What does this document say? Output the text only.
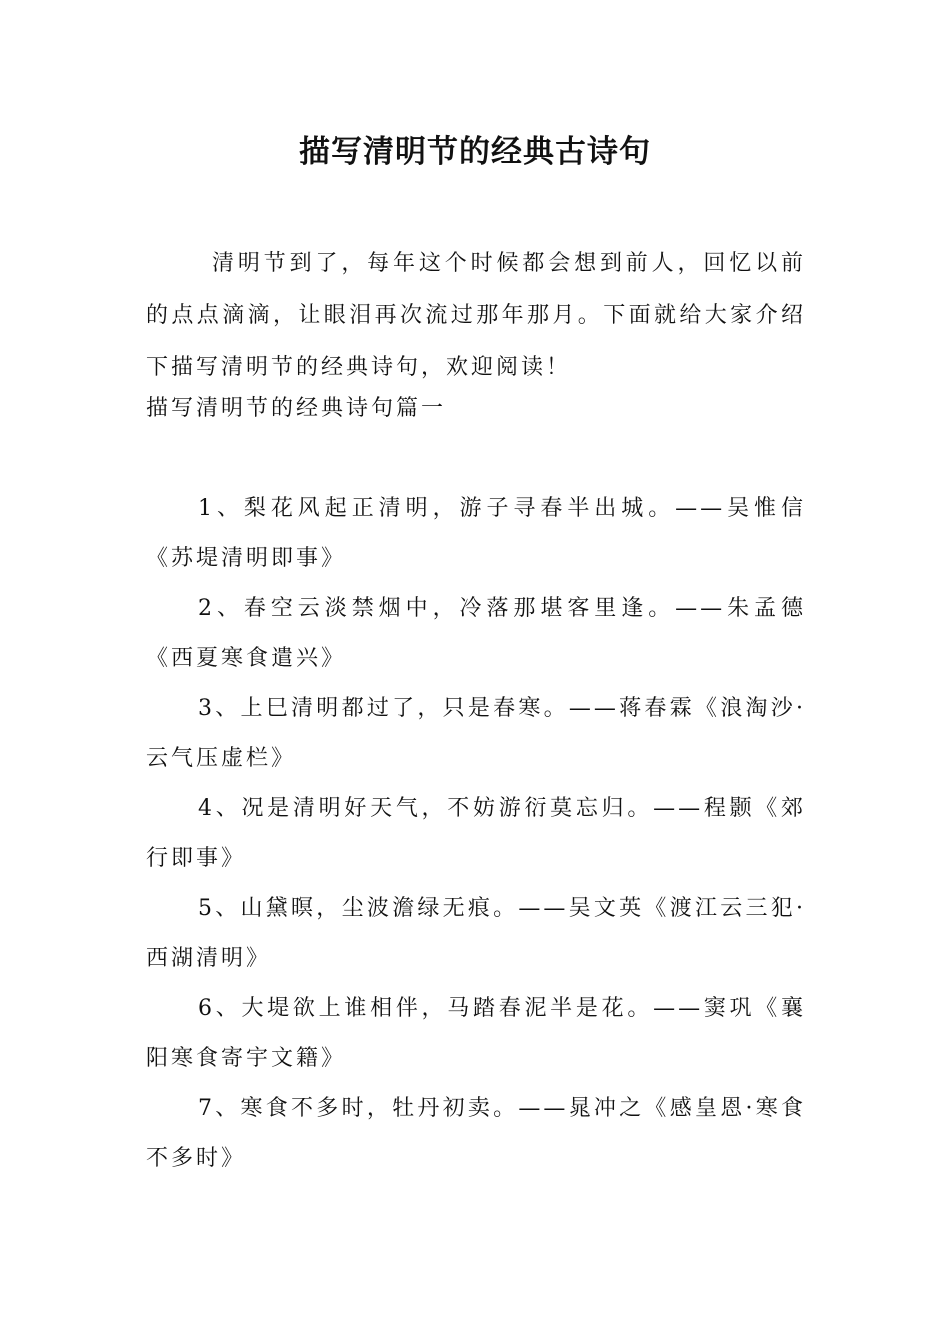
描写清明节的经典古诗句

清明节到了，每年这个时候都会想到前人，回忆以前的点点滴滴，让眼泪再次流过那年那月。下面就给大家介绍下描写清明节的经典诗句，欢迎阅读！

描写清明节的经典诗句篇一

1、梨花风起正清明，游子寻春半出城。——吴惟信《苏堤清明即事》
2、春空云淡禁烟中，冷落那堪客里逢。——朱孟德《西夏寒食遣兴》
3、上巳清明都过了，只是春寒。——蒋春霖《浪淘沙·云气压虚栏》
4、况是清明好天气，不妨游衍莫忘归。——程颢《郊行即事》
5、山黛暝，尘波澹绿无痕。——吴文英《渡江云三犯·西湖清明》
6、大堤欲上谁相伴，马踏春泥半是花。——窦巩《襄阳寒食寄宇文籍》
7、寒食不多时，牡丹初卖。——晁冲之《感皇恩·寒食不多时》
